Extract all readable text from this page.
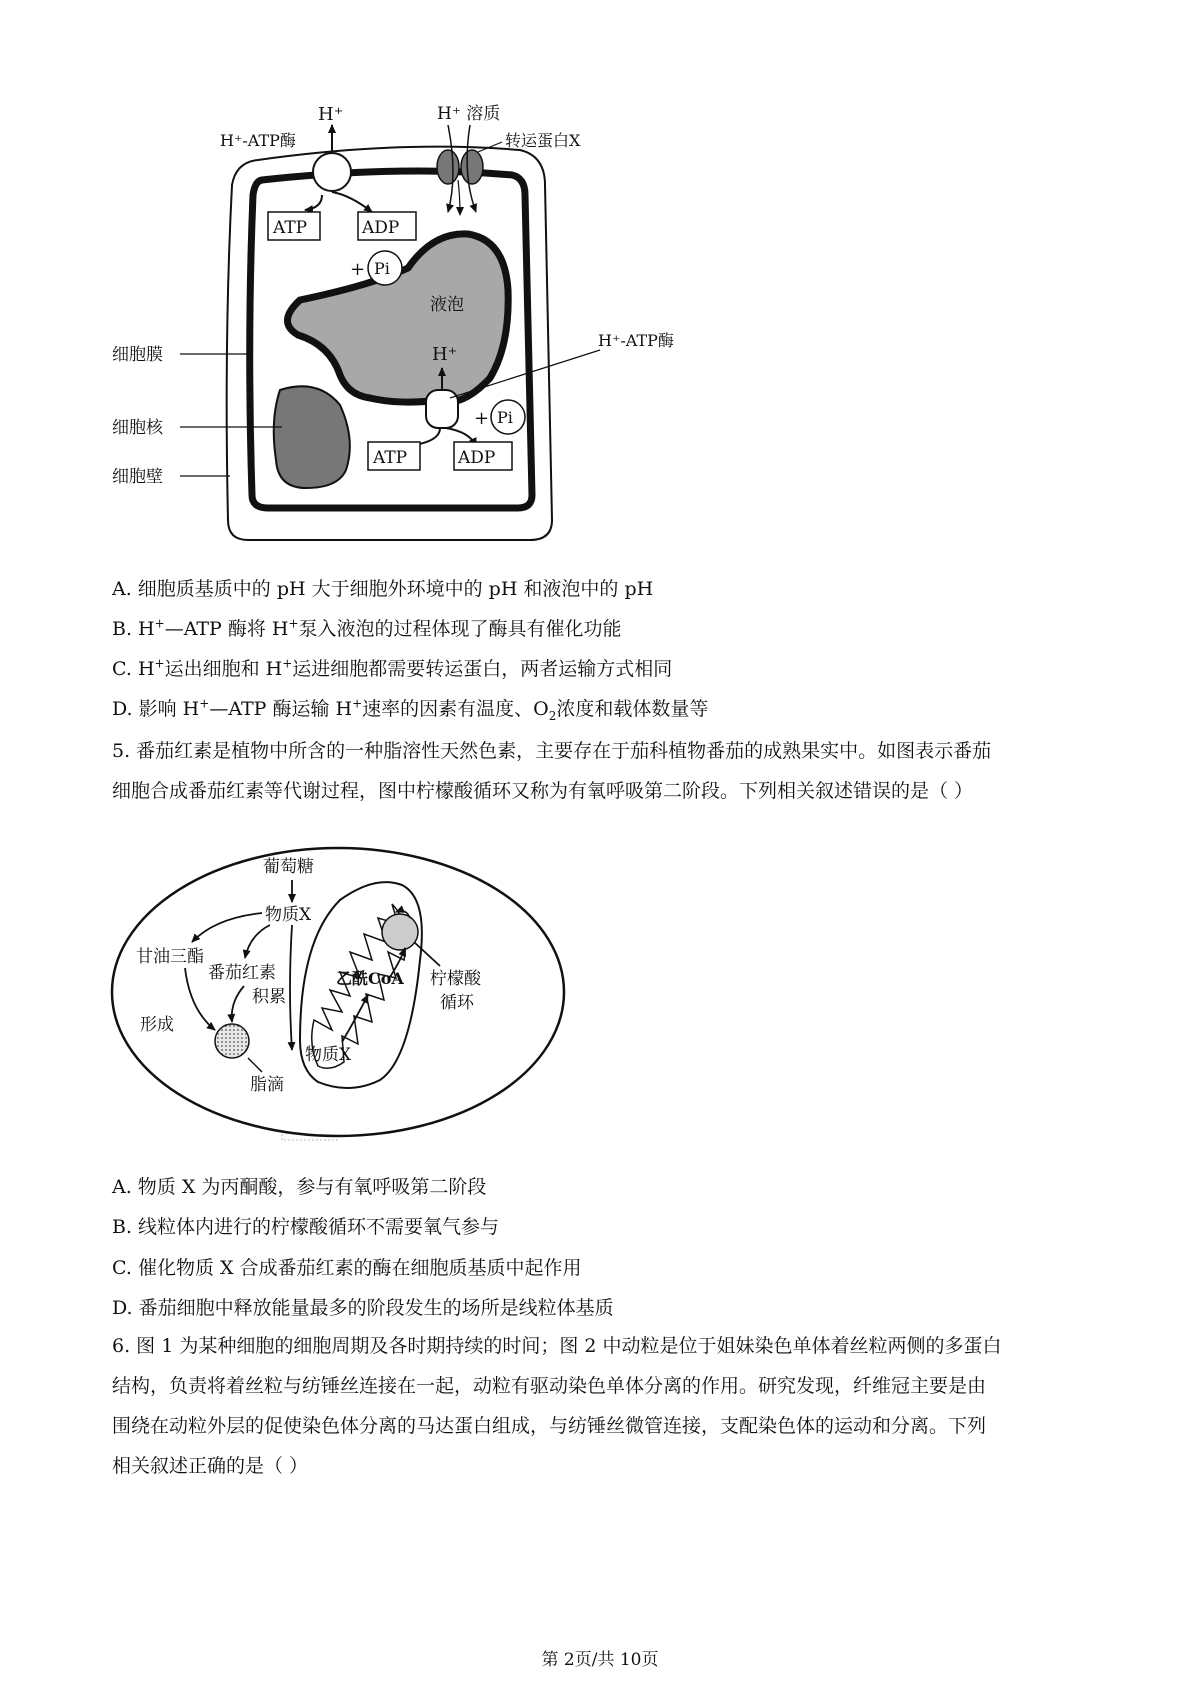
H⁺
H⁺-ATP酶
ATP	ADP
+ Pi
H⁺ 溶质
转运蛋白X
H⁺
H⁺-ATP酶
ATP	ADP
+ Pi
液泡
细胞膜
细胞核
细胞壁
A. 细胞质基质中的 pH 大于细胞外环境中的 pH 和液泡中的 pH
B. H+—ATP 酶将 H+泵入液泡的过程体现了酶具有催化功能
C. H+运出细胞和 H+运进细胞都需要转运蛋白，两者运输方式相同
D. 影响 H+—ATP 酶运输 H+速率的因素有温度、$O_2$浓度和载体数量等
5. 番茄红素是植物中所含的一种脂溶性天然色素，主要存在于茄科植物番茄的成熟果实中。如图表示番茄
细胞合成番茄红素等代谢过程，图中柠檬酸循环又称为有氧呼吸第二阶段。下列相关叙述错误的是（ ）
葡萄糖
物质X
甘油三酯
番茄红素
积累
形成
脂滴
乙酰CoA 柠檬酸
循环
物质X
A. 物质 X 为丙酮酸，参与有氧呼吸第二阶段
B. 线粒体内进行的柠檬酸循环不需要氧气参与
C. 催化物质 X 合成番茄红素的酶在细胞质基质中起作用
D. 番茄细胞中释放能量最多的阶段发生的场所是线粒体基质

6. 图 1 为某种细胞的细胞周期及各时期持续的时间；图 2 中动粒是位于姐妹染色单体着丝粒两侧的多蛋白

结构，负责将着丝粒与纺锤丝连接在一起，动粒有驱动染色单体分离的作用。研究发现，纤维冠主要是由

围绕在动粒外层的促使染色体分离的马达蛋白组成，与纺锤丝微管连接，支配染色体的运动和分离。下列

相关叙述正确的是（ ）

第 2页/共 10页
